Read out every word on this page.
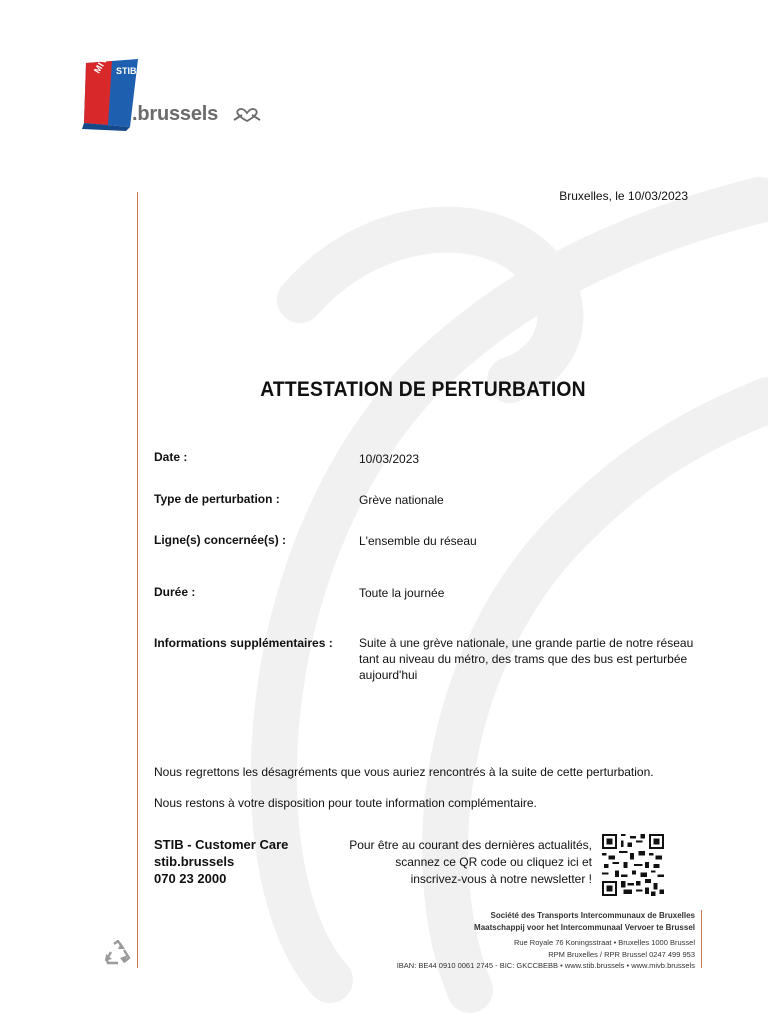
MIVB STIB
.brussels
Bruxelles, le 10/03/2023
ATTESTATION DE PERTURBATION
Date :	10/03/2023
Type de perturbation :	Grève nationale
Ligne(s) concernée(s) :	L'ensemble du réseau
Durée :	Toute la journée
Informations supplémentaires : Suite à une grève nationale, une grande partie de notre réseau tant au niveau du métro, des trams que des bus est perturbée aujourd'hui
Nous regrettons les désagréments que vous auriez rencontrés à la suite de cette perturbation.
Nous restons à votre disposition pour toute information complémentaire.
STIB - Customer Care
stib.brussels
070 23 2000
Pour être au courant des dernières actualités,
scannez ce QR code ou cliquez ici et
inscrivez-vous à notre newsletter !
Société des Transports Intercommunaux de Bruxelles
Maatschappij voor het Intercommunaal Vervoer te Brussel
Rue Royale 76 Koningsstraat • Bruxelles 1000 Brussel
RPM Bruxelles / RPR Brussel 0247 499 953
IBAN: BE44 0910 0061 2745 - BIC: GKCCBEBB • www.stib.brussels • www.mivb.brussels
